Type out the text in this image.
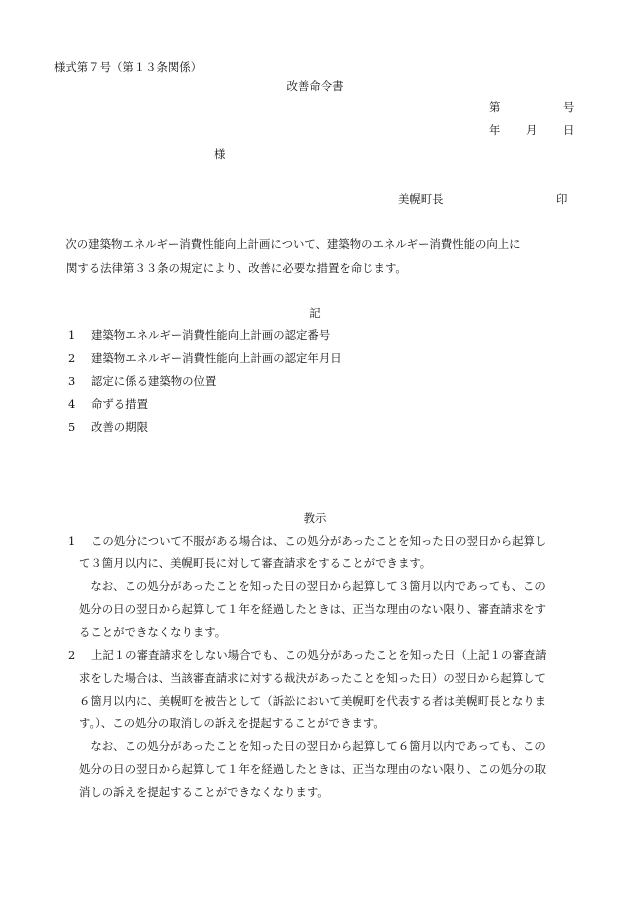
様式第７号（第１３条関係）
改善命令書
第	号
年 月 日
様
美幌町長	印
　次の建築物エネルギー消費性能向上計画について、建築物のエネルギー消費性能の向上に
関する法律第３３条の規定により、改善に必要な措置を命じます。
記
1 建築物エネルギー消費性能向上計画の認定番号
2 建築物エネルギー消費性能向上計画の認定年月日
3 認定に係る建築物の位置
4 命ずる措置
5 改善の期限
教示
1 この処分について不服がある場合は、この処分があったことを知った日の翌日から起算し
て３箇月以内に、美幌町長に対して審査請求をすることができます。
　なお、この処分があったことを知った日の翌日から起算して３箇月以内であっても、この
処分の日の翌日から起算して１年を経過したときは、正当な理由のない限り、審査請求をす
ることができなくなります。
2 上記１の審査請求をしない場合でも、この処分があったことを知った日（上記１の審査請
求をした場合は、当該審査請求に対する裁決があったことを知った日）の翌日から起算して
６箇月以内に、美幌町を被告として（訴訟において美幌町を代表する者は美幌町長となりま
す。）、この処分の取消しの訴えを提起することができます。
　なお、この処分があったことを知った日の翌日から起算して６箇月以内であっても、この
処分の日の翌日から起算して１年を経過したときは、正当な理由のない限り、この処分の取
消しの訴えを提起することができなくなります。
